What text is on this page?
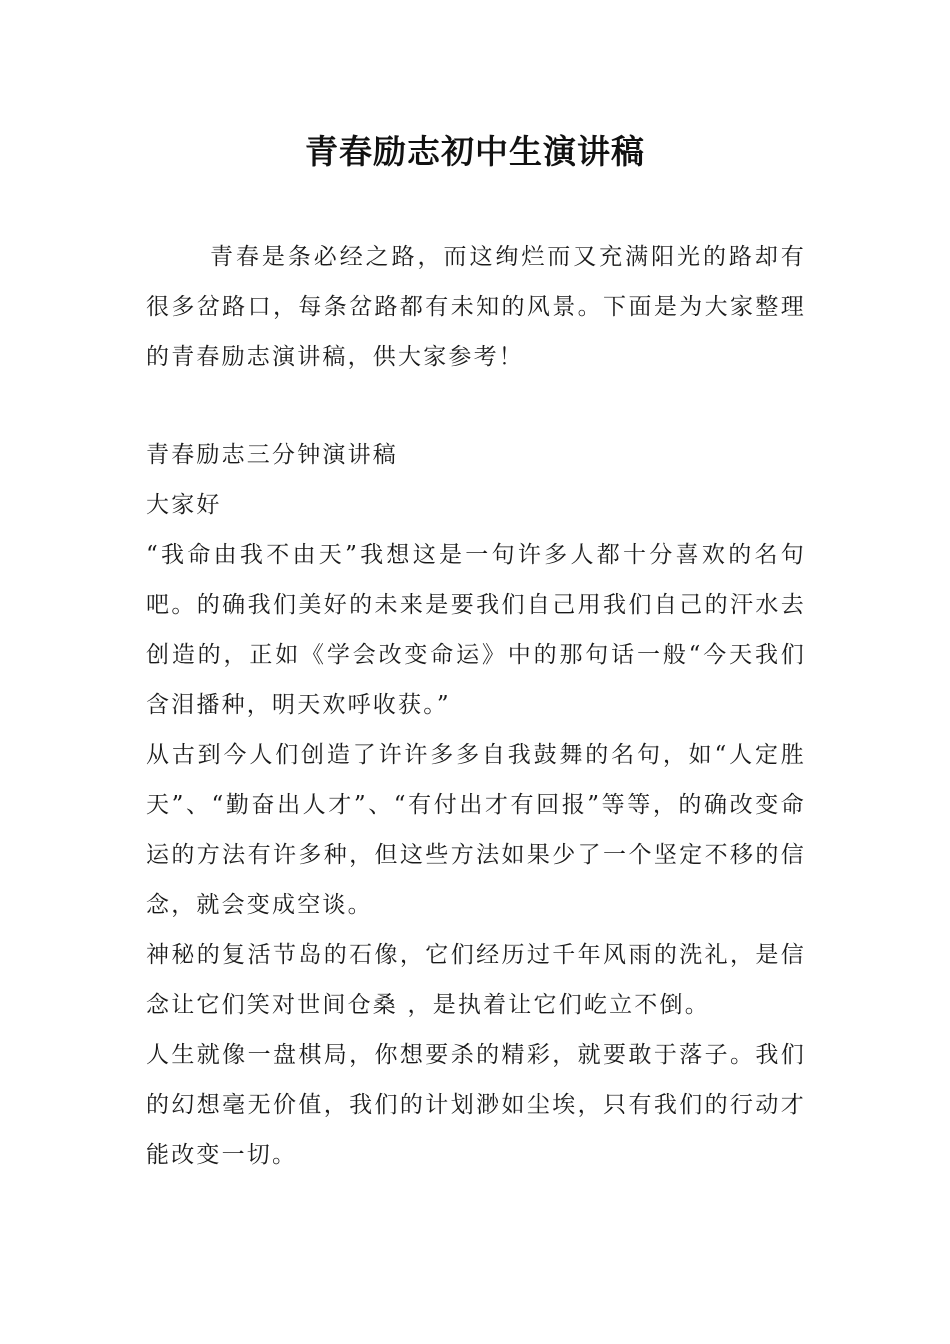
青春励志初中生演讲稿

青春是条必经之路，而这绚烂而又充满阳光的路却有很多岔路口，每条岔路都有未知的风景。下面是为大家整理的青春励志演讲稿，供大家参考！

青春励志三分钟演讲稿

大家好

“我命由我不由天”我想这是一句许多人都十分喜欢的名句吧。的确我们美好的未来是要我们自己用我们自己的汗水去创造的，正如《学会改变命运》中的那句话一般“今天我们含泪播种，明天欢呼收获。”

从古到今人们创造了许许多多自我鼓舞的名句，如“人定胜天”、“勤奋出人才”、“有付出才有回报”等等，的确改变命运的方法有许多种，但这些方法如果少了一个坚定不移的信念，就会变成空谈。

神秘的复活节岛的石像，它们经历过千年风雨的洗礼，是信念让它们笑对世间仓桑 ，是执着让它们屹立不倒。

人生就像一盘棋局，你想要杀的精彩，就要敢于落子。我们的幻想毫无价值，我们的计划渺如尘埃，只有我们的行动才能改变一切。
